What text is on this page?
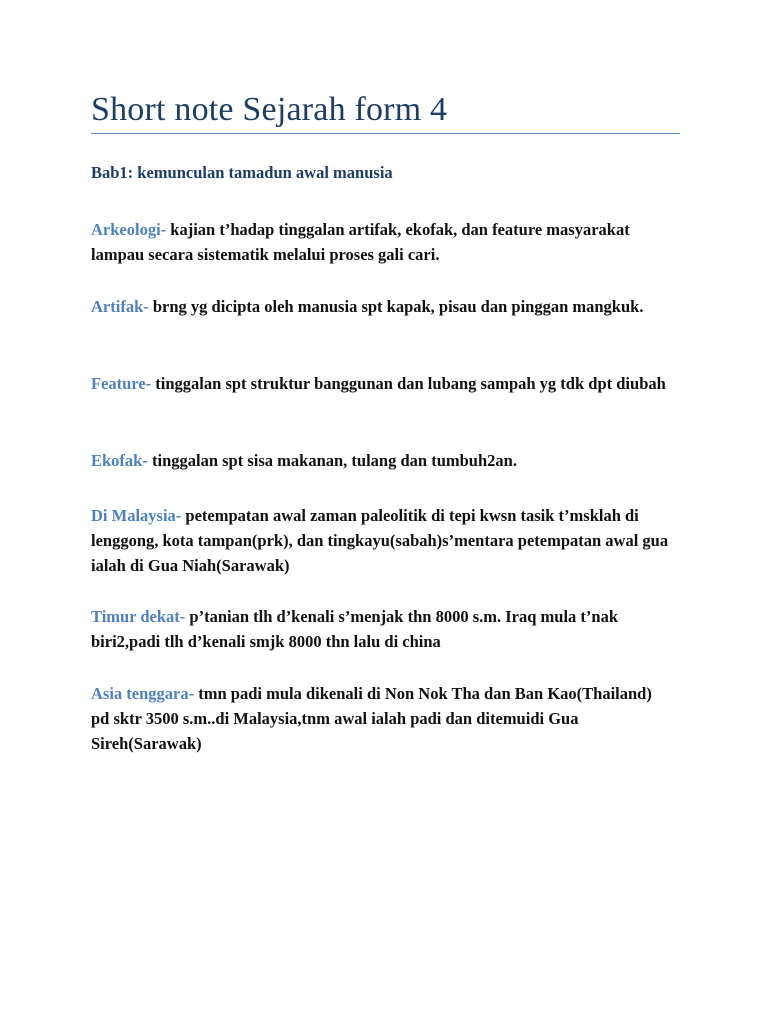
Short note Sejarah form 4
Bab1: kemunculan tamadun awal manusia

Arkeologi- kajian t’hadap tinggalan artifak, ekofak, dan feature masyarakat lampau secara sistematik melalui proses gali cari.

Artifak- brng yg dicipta oleh manusia spt kapak, pisau dan pinggan mangkuk.

Feature- tinggalan spt struktur banggunan dan lubang sampah yg tdk dpt diubah

Ekofak- tinggalan spt sisa makanan, tulang dan tumbuh2an.

Di Malaysia- petempatan awal zaman paleolitik di tepi kwsn tasik t’msklah di lenggong, kota tampan(prk), dan tingkayu(sabah)s’mentara petempatan awal gua ialah di Gua Niah(Sarawak)

Timur dekat- p’tanian tlh d’kenali s’menjak thn 8000 s.m. Iraq mula t’nak biri2,padi tlh d’kenali smjk 8000 thn lalu di china

Asia tenggara- tmn padi mula dikenali di Non Nok Tha dan Ban Kao(Thailand) pd sktr 3500 s.m..di Malaysia,tnm awal ialah padi dan ditemuidi Gua Sireh(Sarawak)
